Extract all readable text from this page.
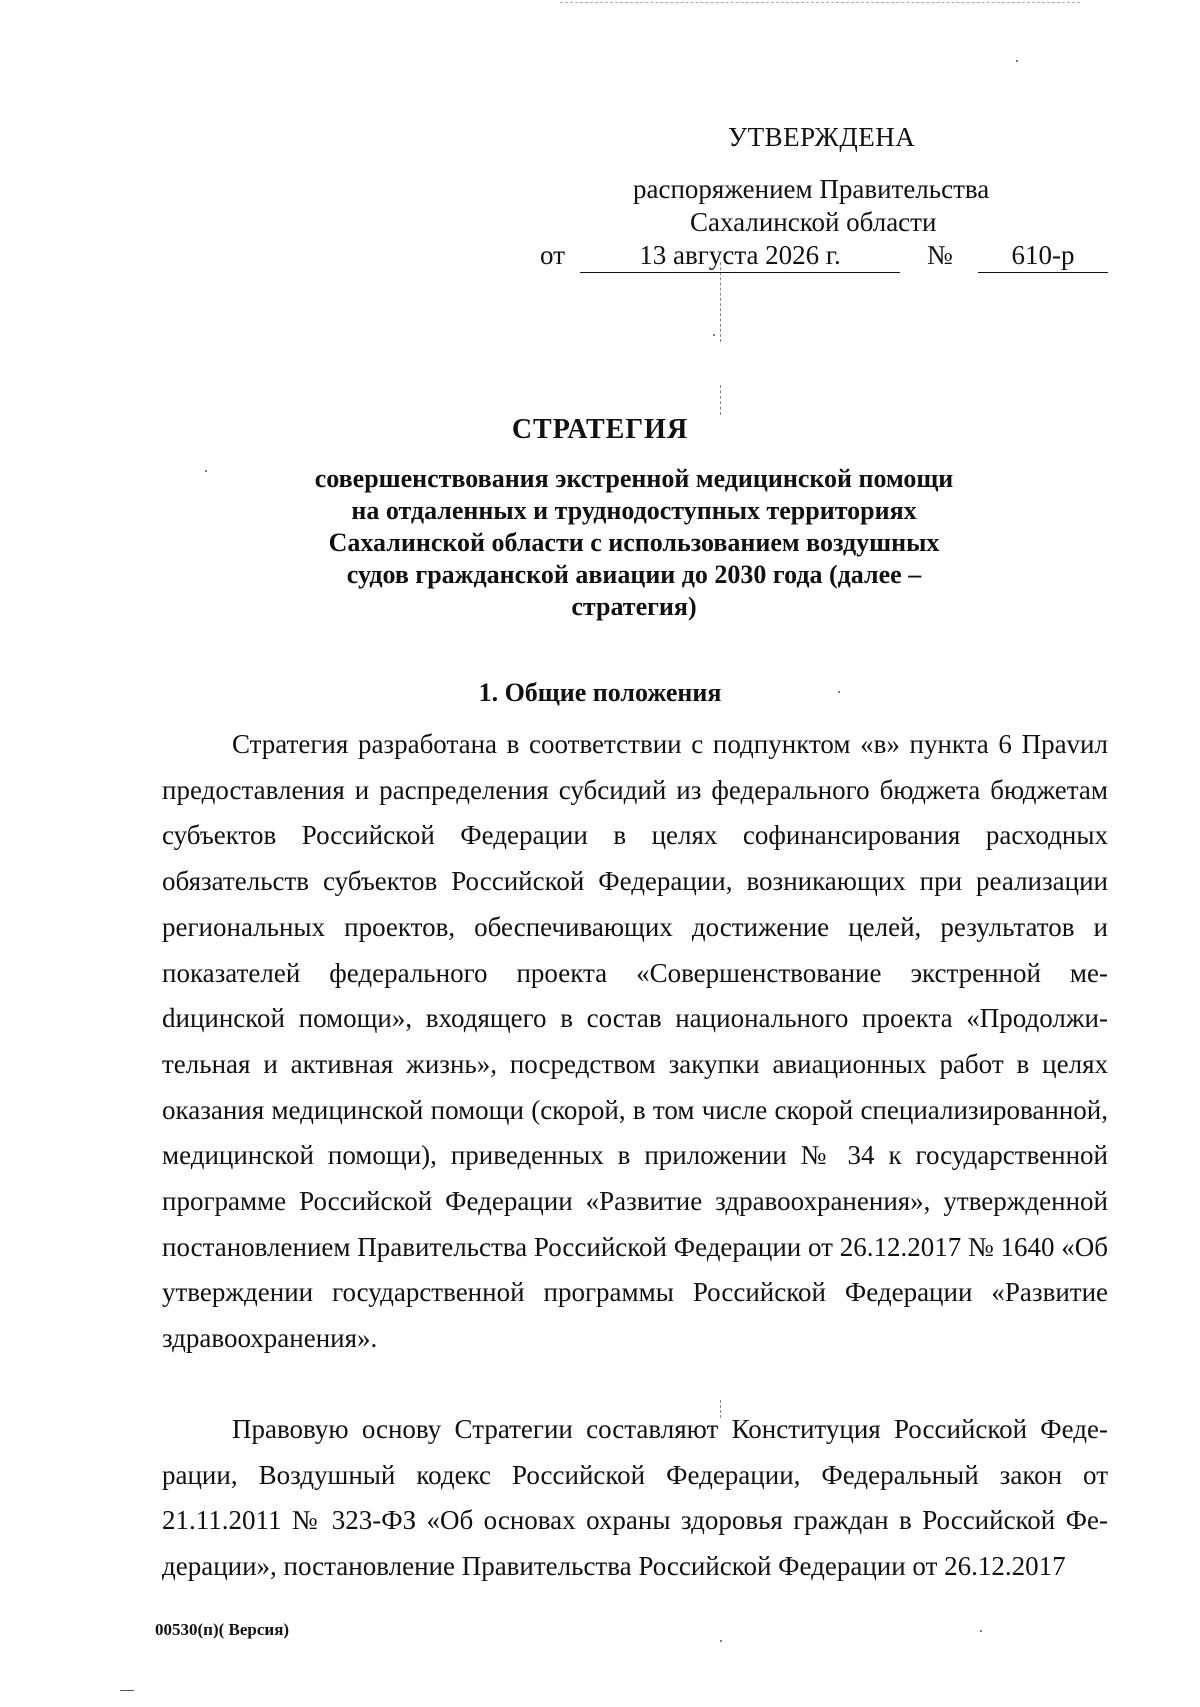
УТВЕРЖДЕНА
распоряжением Правительства
Сахалинской области
от	13 августа 2026 г.	№	610-р
СТРАТЕГИЯ
совершенствования экстренной медицинской помощи на отдаленных и труднодоступных территориях Сахалинской области с использованием воздушных судов гражданской авиации до 2030 года (далее – стратегия)
1. Общие положения

Стратегия разработана в соответствии с подпунктом «в» пункта 6 Праvил предоставления и распределения субсидий из федерального бюджета бюджетам субъектов Российской Федерации в целях софинансирования расходных обязательств субъектов Российской Федерации, возникающих при реализации региональных проектов, обеспечивающих достижение целей, результатов и показателей федерального проекта «Совершенствование экстренной меdицинской помощи», входящего в состав национального проекта «Продолжительная и активная жизнь», посредством закупки авиационных работ в целях оказания медицинской помощи (скорой, в том числе скорой специализированной, медицинской помощи), приведенных в приложении № 34 к государственной программе Российской Федерации «Развитие здравоохранения», утвержденной постановлением Правительства Российской Федерации от 26.12.2017 № 1640 «Об утверждении государственной программы Российской Федерации «Развитие здравоохранения».

Правовую основу Стратегии составляют Конституция Российской Федерации, Воздушный кодекс Российской Федерации, Федеральный закон от 21.11.2011 № 323-ФЗ «Об основах охраны здоровья граждан в Российской Федерации», постановление Правительства Российской Федерации от 26.12.2017

00530(п)( Версия)
